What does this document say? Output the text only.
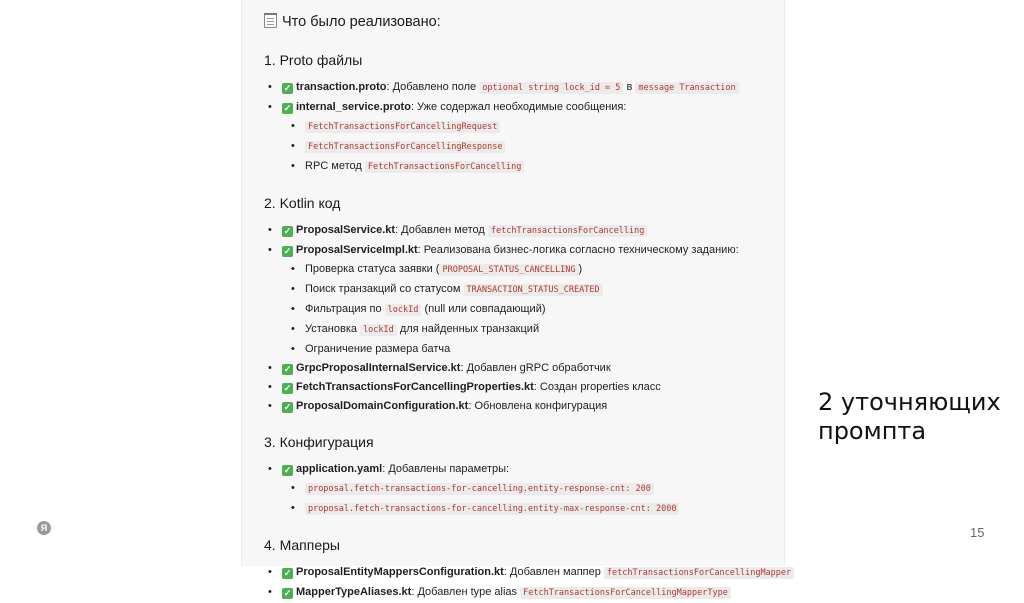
Что было реализовано:
1. Proto файлы
• ✓ transaction.proto: Добавлено поле optional string lock_id = 5 в message Transaction
• ✓ internal_service.proto: Уже содержал необходимые сообщения:
• FetchTransactionsForCancellingRequest
• FetchTransactionsForCancellingResponse
• RPC метод FetchTransactionsForCancelling
2. Kotlin код
• ✓ ProposalService.kt: Добавлен метод fetchTransactionsForCancelling
• ✓ ProposalServiceImpl.kt: Реализована бизнес-логика согласно техническому заданию:
• Проверка статуса заявки ( PROPOSAL_STATUS_CANCELLING )
• Поиск транзакций со статусом TRANSACTION_STATUS_CREATED
• Фильтрация по lockId (null или совпадающий)
• Установка lockId для найденных транзакций
• Ограничение размера батча
• ✓ GrpcProposalInternalService.kt: Добавлен gRPC обработчик
• ✓ FetchTransactionsForCancellingProperties.kt: Создан properties класс
• ✓ ProposalDomainConfiguration.kt: Обновлена конфигурация
3. Конфигурация
• ✓ application.yaml: Добавлены параметры:
• proposal.fetch-transactions-for-cancelling.entity-response-cnt: 200
• proposal.fetch-transactions-for-cancelling.entity-max-response-cnt: 2000
4. Мапперы
• ✓ ProposalEntityMappersConfiguration.kt: Добавлен маппер fetchTransactionsForCancellingMapper
• ✓ MapperTypeAliases.kt: Добавлен type alias FetchTransactionsForCancellingMapperType
2 уточняющих
промпта
Я	15
